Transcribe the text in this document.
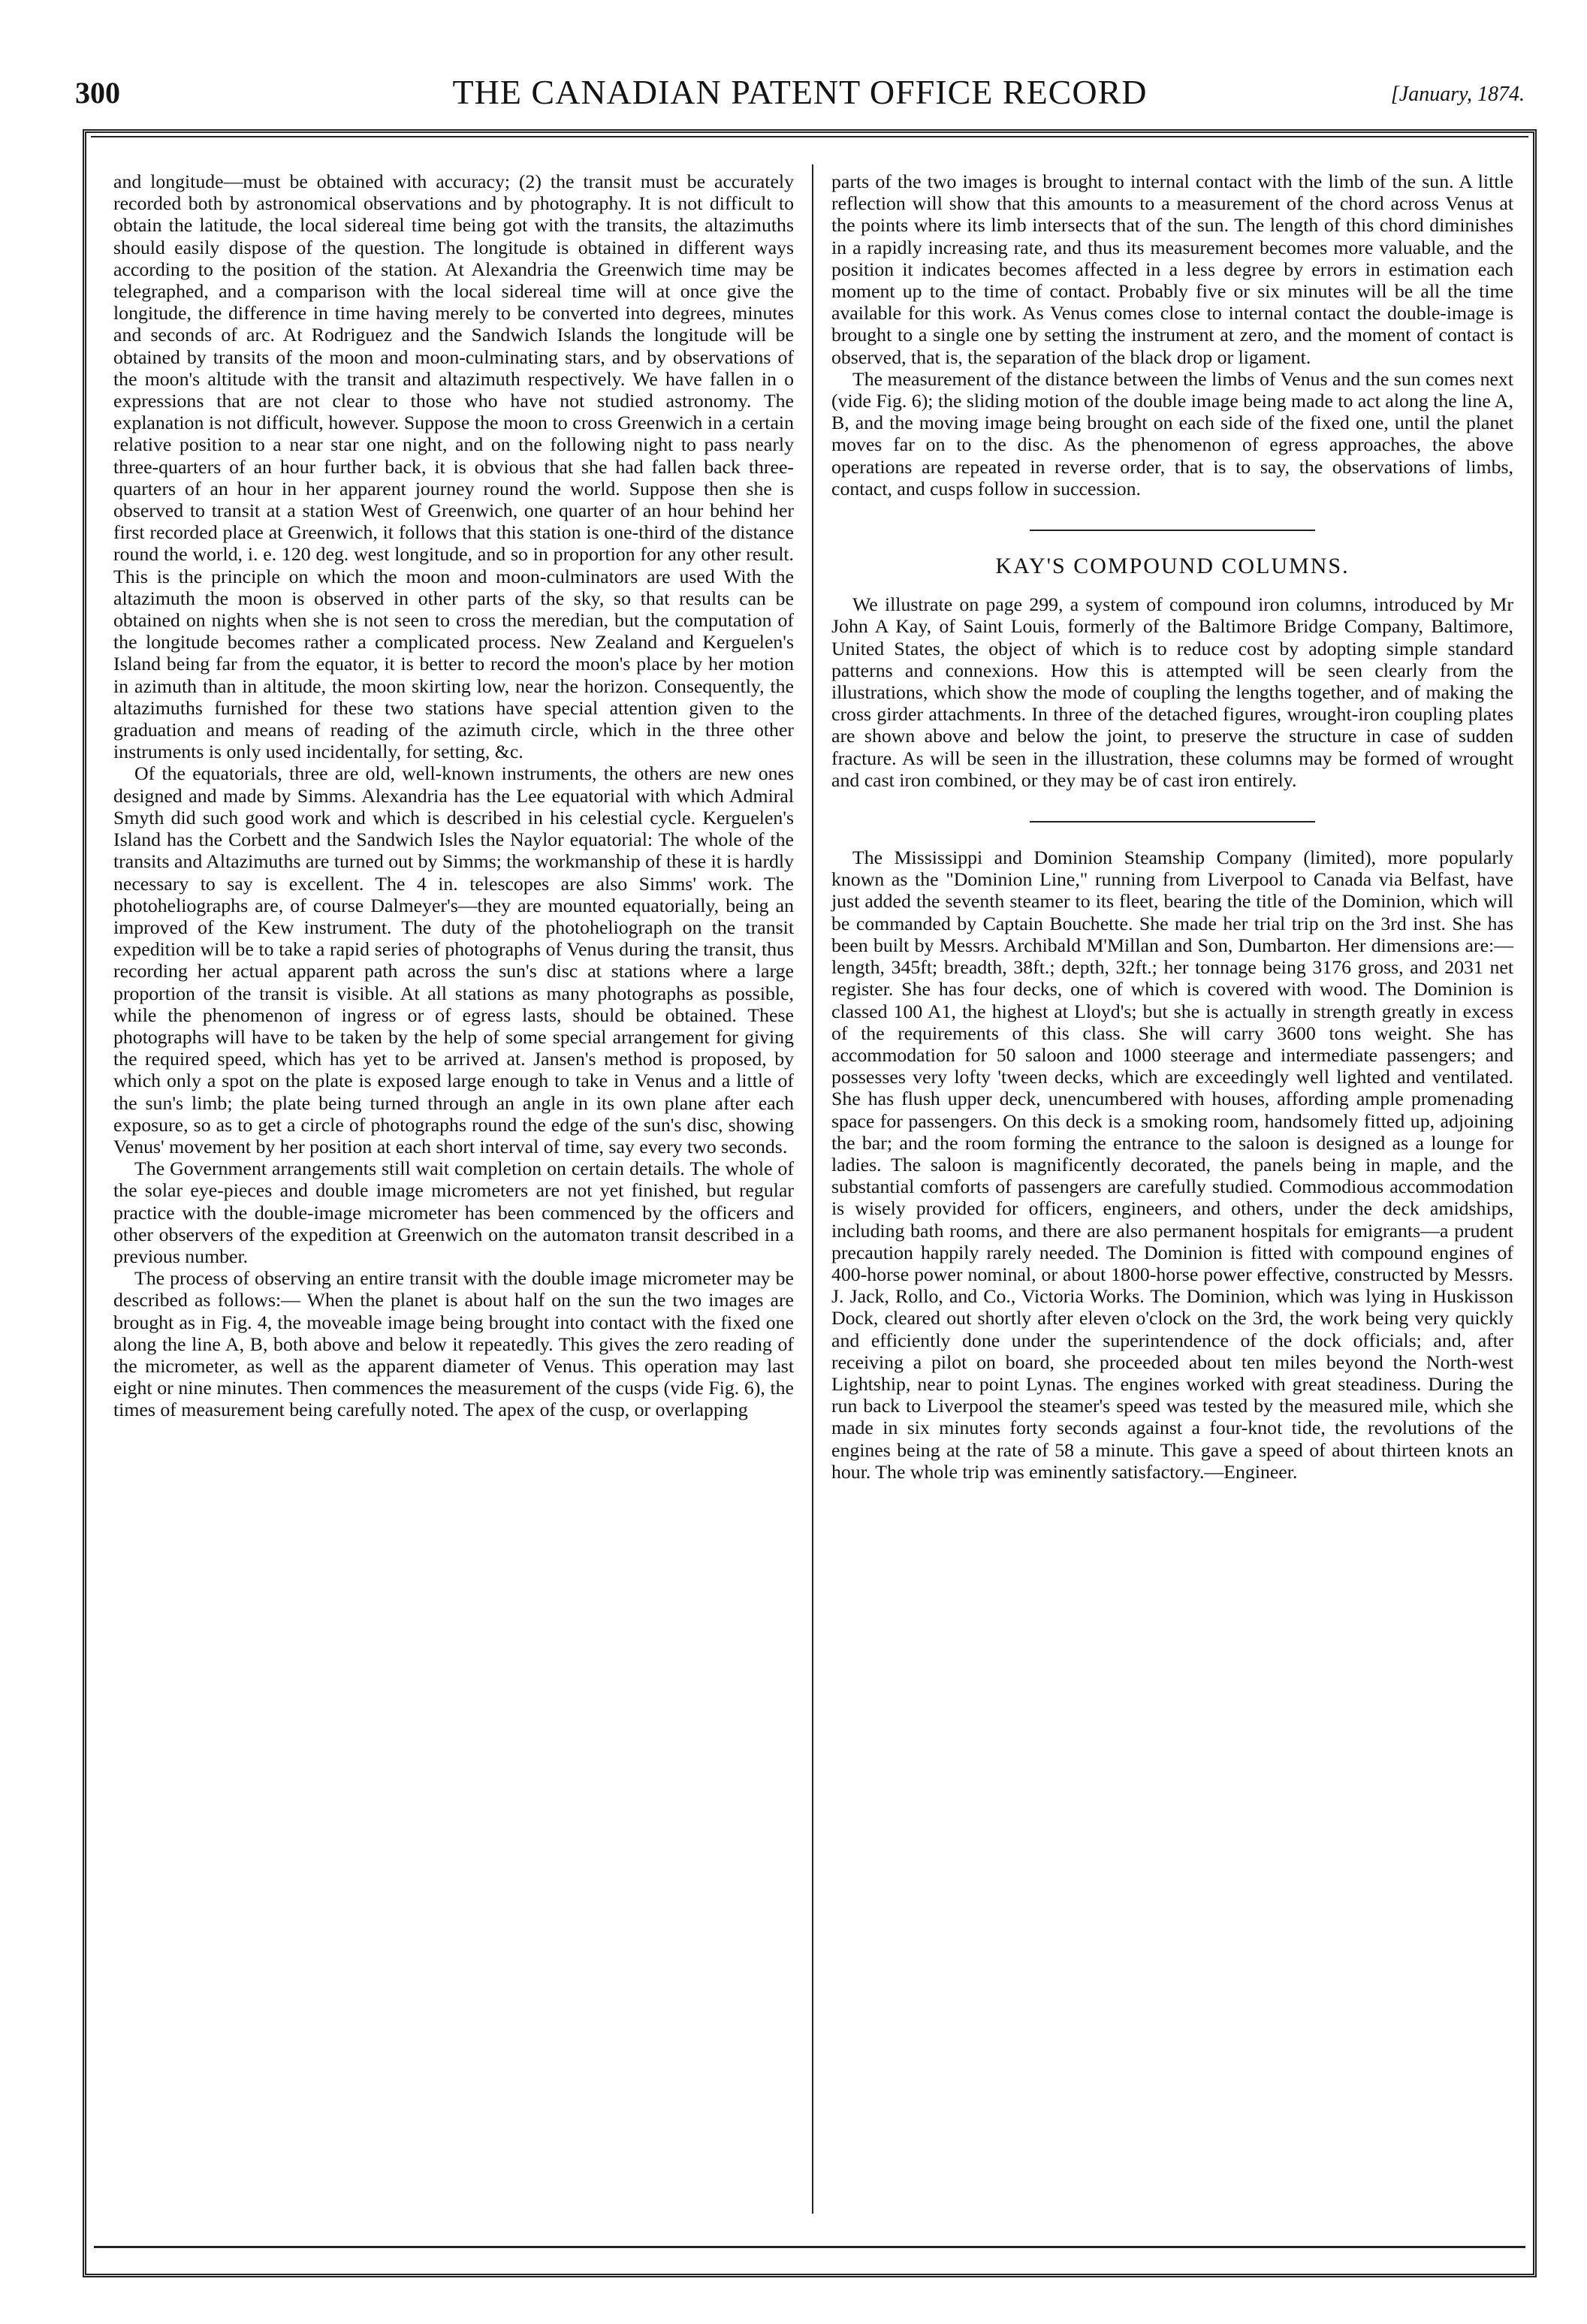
300	THE CANADIAN PATENT OFFICE RECORD	[January, 1874.

and longitude—must be obtained with accuracy; (2) the transit must be accurately recorded both by astronomical observations and by photography. It is not difficult to obtain the latitude, the local sidereal time being got with the transits, the altazimuths should easily dispose of the question. The longitude is obtained in different ways according to the position of the station. At Alexandria the Greenwich time may be telegraphed, and a comparison with the local sidereal time will at once give the longitude, the difference in time having merely to be converted into degrees, minutes and seconds of arc. At Rodriguez and the Sandwich Islands the longitude will be obtained by transits of the moon and moon-culminating stars, and by observations of the moon's altitude with the transit and altazimuth respectively. We have fallen in o expressions that are not clear to those who have not studied astronomy. The explanation is not difficult, however. Suppose the moon to cross Greenwich in a certain relative position to a near star one night, and on the following night to pass nearly three-quarters of an hour further back, it is obvious that she had fallen back three-quarters of an hour in her apparent journey round the world. Suppose then she is observed to transit at a station West of Greenwich, one quarter of an hour behind her first recorded place at Greenwich, it follows that this station is one-third of the distance round the world, i. e. 120 deg. west longitude, and so in proportion for any other result. This is the principle on which the moon and moon-culminators are used With the altazimuth the moon is observed in other parts of the sky, so that results can be obtained on nights when she is not seen to cross the meredian, but the computation of the longitude becomes rather a complicated process. New Zealand and Kerguelen's Island being far from the equator, it is better to record the moon's place by her motion in azimuth than in altitude, the moon skirting low, near the horizon. Consequently, the altazimuths furnished for these two stations have special attention given to the graduation and means of reading of the azimuth circle, which in the three other instruments is only used incidentally, for setting, &c.

Of the equatorials, three are old, well-known instruments, the others are new ones designed and made by Simms. Alexandria has the Lee equatorial with which Admiral Smyth did such good work and which is described in his celestial cycle. Kerguelen's Island has the Corbett and the Sandwich Isles the Naylor equatorial: The whole of the transits and Altazimuths are turned out by Simms; the workmanship of these it is hardly necessary to say is excellent. The 4 in. telescopes are also Simms' work. The photoheliographs are, of course Dalmeyer's—they are mounted equatorially, being an improved of the Kew instrument. The duty of the photoheliograph on the transit expedition will be to take a rapid series of photographs of Venus during the transit, thus recording her actual apparent path across the sun's disc at stations where a large proportion of the transit is visible. At all stations as many photographs as possible, while the phenomenon of ingress or of egress lasts, should be obtained. These photographs will have to be taken by the help of some special arrangement for giving the required speed, which has yet to be arrived at. Jansen's method is proposed, by which only a spot on the plate is exposed large enough to take in Venus and a little of the sun's limb; the plate being turned through an angle in its own plane after each exposure, so as to get a circle of photographs round the edge of the sun's disc, showing Venus' movement by her position at each short interval of time, say every two seconds.

The Government arrangements still wait completion on certain details. The whole of the solar eye-pieces and double image micrometers are not yet finished, but regular practice with the double-image micrometer has been commenced by the officers and other observers of the expedition at Greenwich on the automaton transit described in a previous number.

The process of observing an entire transit with the double image micrometer may be described as follows:— When the planet is about half on the sun the two images are brought as in Fig. 4, the moveable image being brought into contact with the fixed one along the line A, B, both above and below it repeatedly. This gives the zero reading of the micrometer, as well as the apparent diameter of Venus. This operation may last eight or nine minutes. Then commences the measurement of the cusps (vide Fig. 6), the times of measurement being carefully noted. The apex of the cusp, or overlapping

parts of the two images is brought to internal contact with the limb of the sun. A little reflection will show that this amounts to a measurement of the chord across Venus at the points where its limb intersects that of the sun. The length of this chord diminishes in a rapidly increasing rate, and thus its measurement becomes more valuable, and the position it indicates becomes affected in a less degree by errors in estimation each moment up to the time of contact. Probably five or six minutes will be all the time available for this work. As Venus comes close to internal contact the double-image is brought to a single one by setting the instrument at zero, and the moment of contact is observed, that is, the separation of the black drop or ligament.

The measurement of the distance between the limbs of Venus and the sun comes next (vide Fig. 6); the sliding motion of the double image being made to act along the line A, B, and the moving image being brought on each side of the fixed one, until the planet moves far on to the disc. As the phenomenon of egress approaches, the above operations are repeated in reverse order, that is to say, the observations of limbs, contact, and cusps follow in succession.

KAY'S COMPOUND COLUMNS.

We illustrate on page 299, a system of compound iron columns, introduced by Mr John A Kay, of Saint Louis, formerly of the Baltimore Bridge Company, Baltimore, United States, the object of which is to reduce cost by adopting simple standard patterns and connexions. How this is attempted will be seen clearly from the illustrations, which show the mode of coupling the lengths together, and of making the cross girder attachments. In three of the detached figures, wrought-iron coupling plates are shown above and below the joint, to preserve the structure in case of sudden fracture. As will be seen in the illustration, these columns may be formed of wrought and cast iron combined, or they may be of cast iron entirely.

The Mississippi and Dominion Steamship Company (limited), more popularly known as the "Dominion Line," running from Liverpool to Canada via Belfast, have just added the seventh steamer to its fleet, bearing the title of the Dominion, which will be commanded by Captain Bouchette. She made her trial trip on the 3rd inst. She has been built by Messrs. Archibald M'Millan and Son, Dumbarton. Her dimensions are:—length, 345ft; breadth, 38ft.; depth, 32ft.; her tonnage being 3176 gross, and 2031 net register. She has four decks, one of which is covered with wood. The Dominion is classed 100 A1, the highest at Lloyd's; but she is actually in strength greatly in excess of the requirements of this class. She will carry 3600 tons weight. She has accommodation for 50 saloon and 1000 steerage and intermediate passengers; and possesses very lofty 'tween decks, which are exceedingly well lighted and ventilated. She has flush upper deck, unencumbered with houses, affording ample promenading space for passengers. On this deck is a smoking room, handsomely fitted up, adjoining the bar; and the room forming the entrance to the saloon is designed as a lounge for ladies. The saloon is magnificently decorated, the panels being in maple, and the substantial comforts of passengers are carefully studied. Commodious accommodation is wisely provided for officers, engineers, and others, under the deck amidships, including bath rooms, and there are also permanent hospitals for emigrants—a prudent precaution happily rarely needed. The Dominion is fitted with compound engines of 400-horse power nominal, or about 1800-horse power effective, constructed by Messrs. J. Jack, Rollo, and Co., Victoria Works. The Dominion, which was lying in Huskisson Dock, cleared out shortly after eleven o'clock on the 3rd, the work being very quickly and efficiently done under the superintendence of the dock officials; and, after receiving a pilot on board, she proceeded about ten miles beyond the North-west Lightship, near to point Lynas. The engines worked with great steadiness. During the run back to Liverpool the steamer's speed was tested by the measured mile, which she made in six minutes forty seconds against a four-knot tide, the revolutions of the engines being at the rate of 58 a minute. This gave a speed of about thirteen knots an hour. The whole trip was eminently satisfactory.—Engineer.
